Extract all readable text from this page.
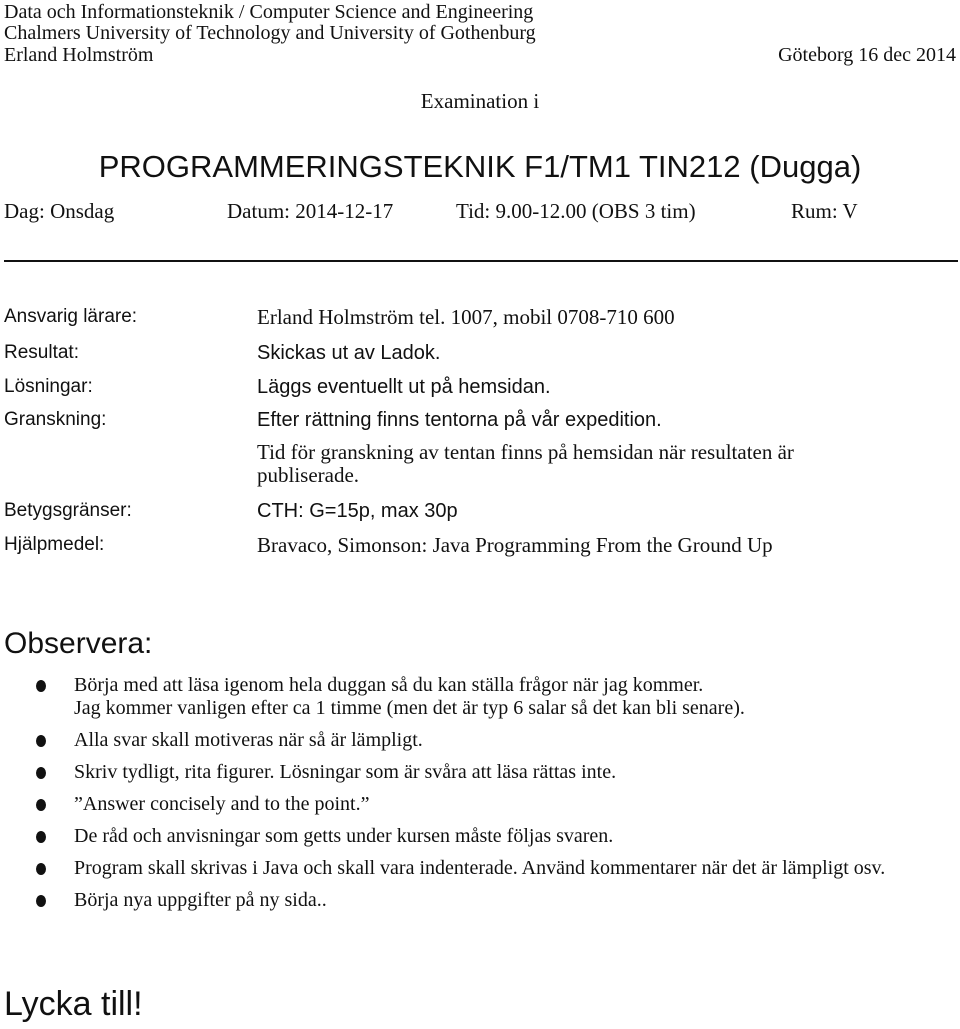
Data och Informationsteknik / Computer Science and Engineering
Chalmers University of Technology and University of Gothenburg
Erland Holmström	Göteborg 16 dec 2014
Examination i
PROGRAMMERINGSTEKNIK F1/TM1 TIN212 (Dugga)
Dag: Onsdag	Datum: 2014-12-17	Tid: 9.00-12.00 (OBS 3 tim)	Rum: V
Ansvarig lärare:	Erland Holmström tel. 1007, mobil 0708-710 600
Resultat:	Skickas ut av Ladok.
Lösningar:	Läggs eventuellt ut på hemsidan.
Granskning:	Efter rättning finns tentorna på vår expedition.
Tid för granskning av tentan finns på hemsidan när resultaten är publiserade.
Betygsgränser:	CTH: G=15p, max 30p
Hjälpmedel:	Bravaco, Simonson: Java Programming From the Ground Up
Observera:
Börja med att läsa igenom hela duggan så du kan ställa frågor när jag kommer.
Jag kommer vanligen efter ca 1 timme (men det är typ 6 salar så det kan bli senare).
Alla svar skall motiveras när så är lämpligt.
Skriv tydligt, rita figurer. Lösningar som är svåra att läsa rättas inte.
”Answer concisely and to the point.”
De råd och anvisningar som getts under kursen måste följas svaren.
Program skall skrivas i Java och skall vara indenterade. Använd kommentarer när det är lämpligt osv.
Börja nya uppgifter på ny sida..
Lycka till!
